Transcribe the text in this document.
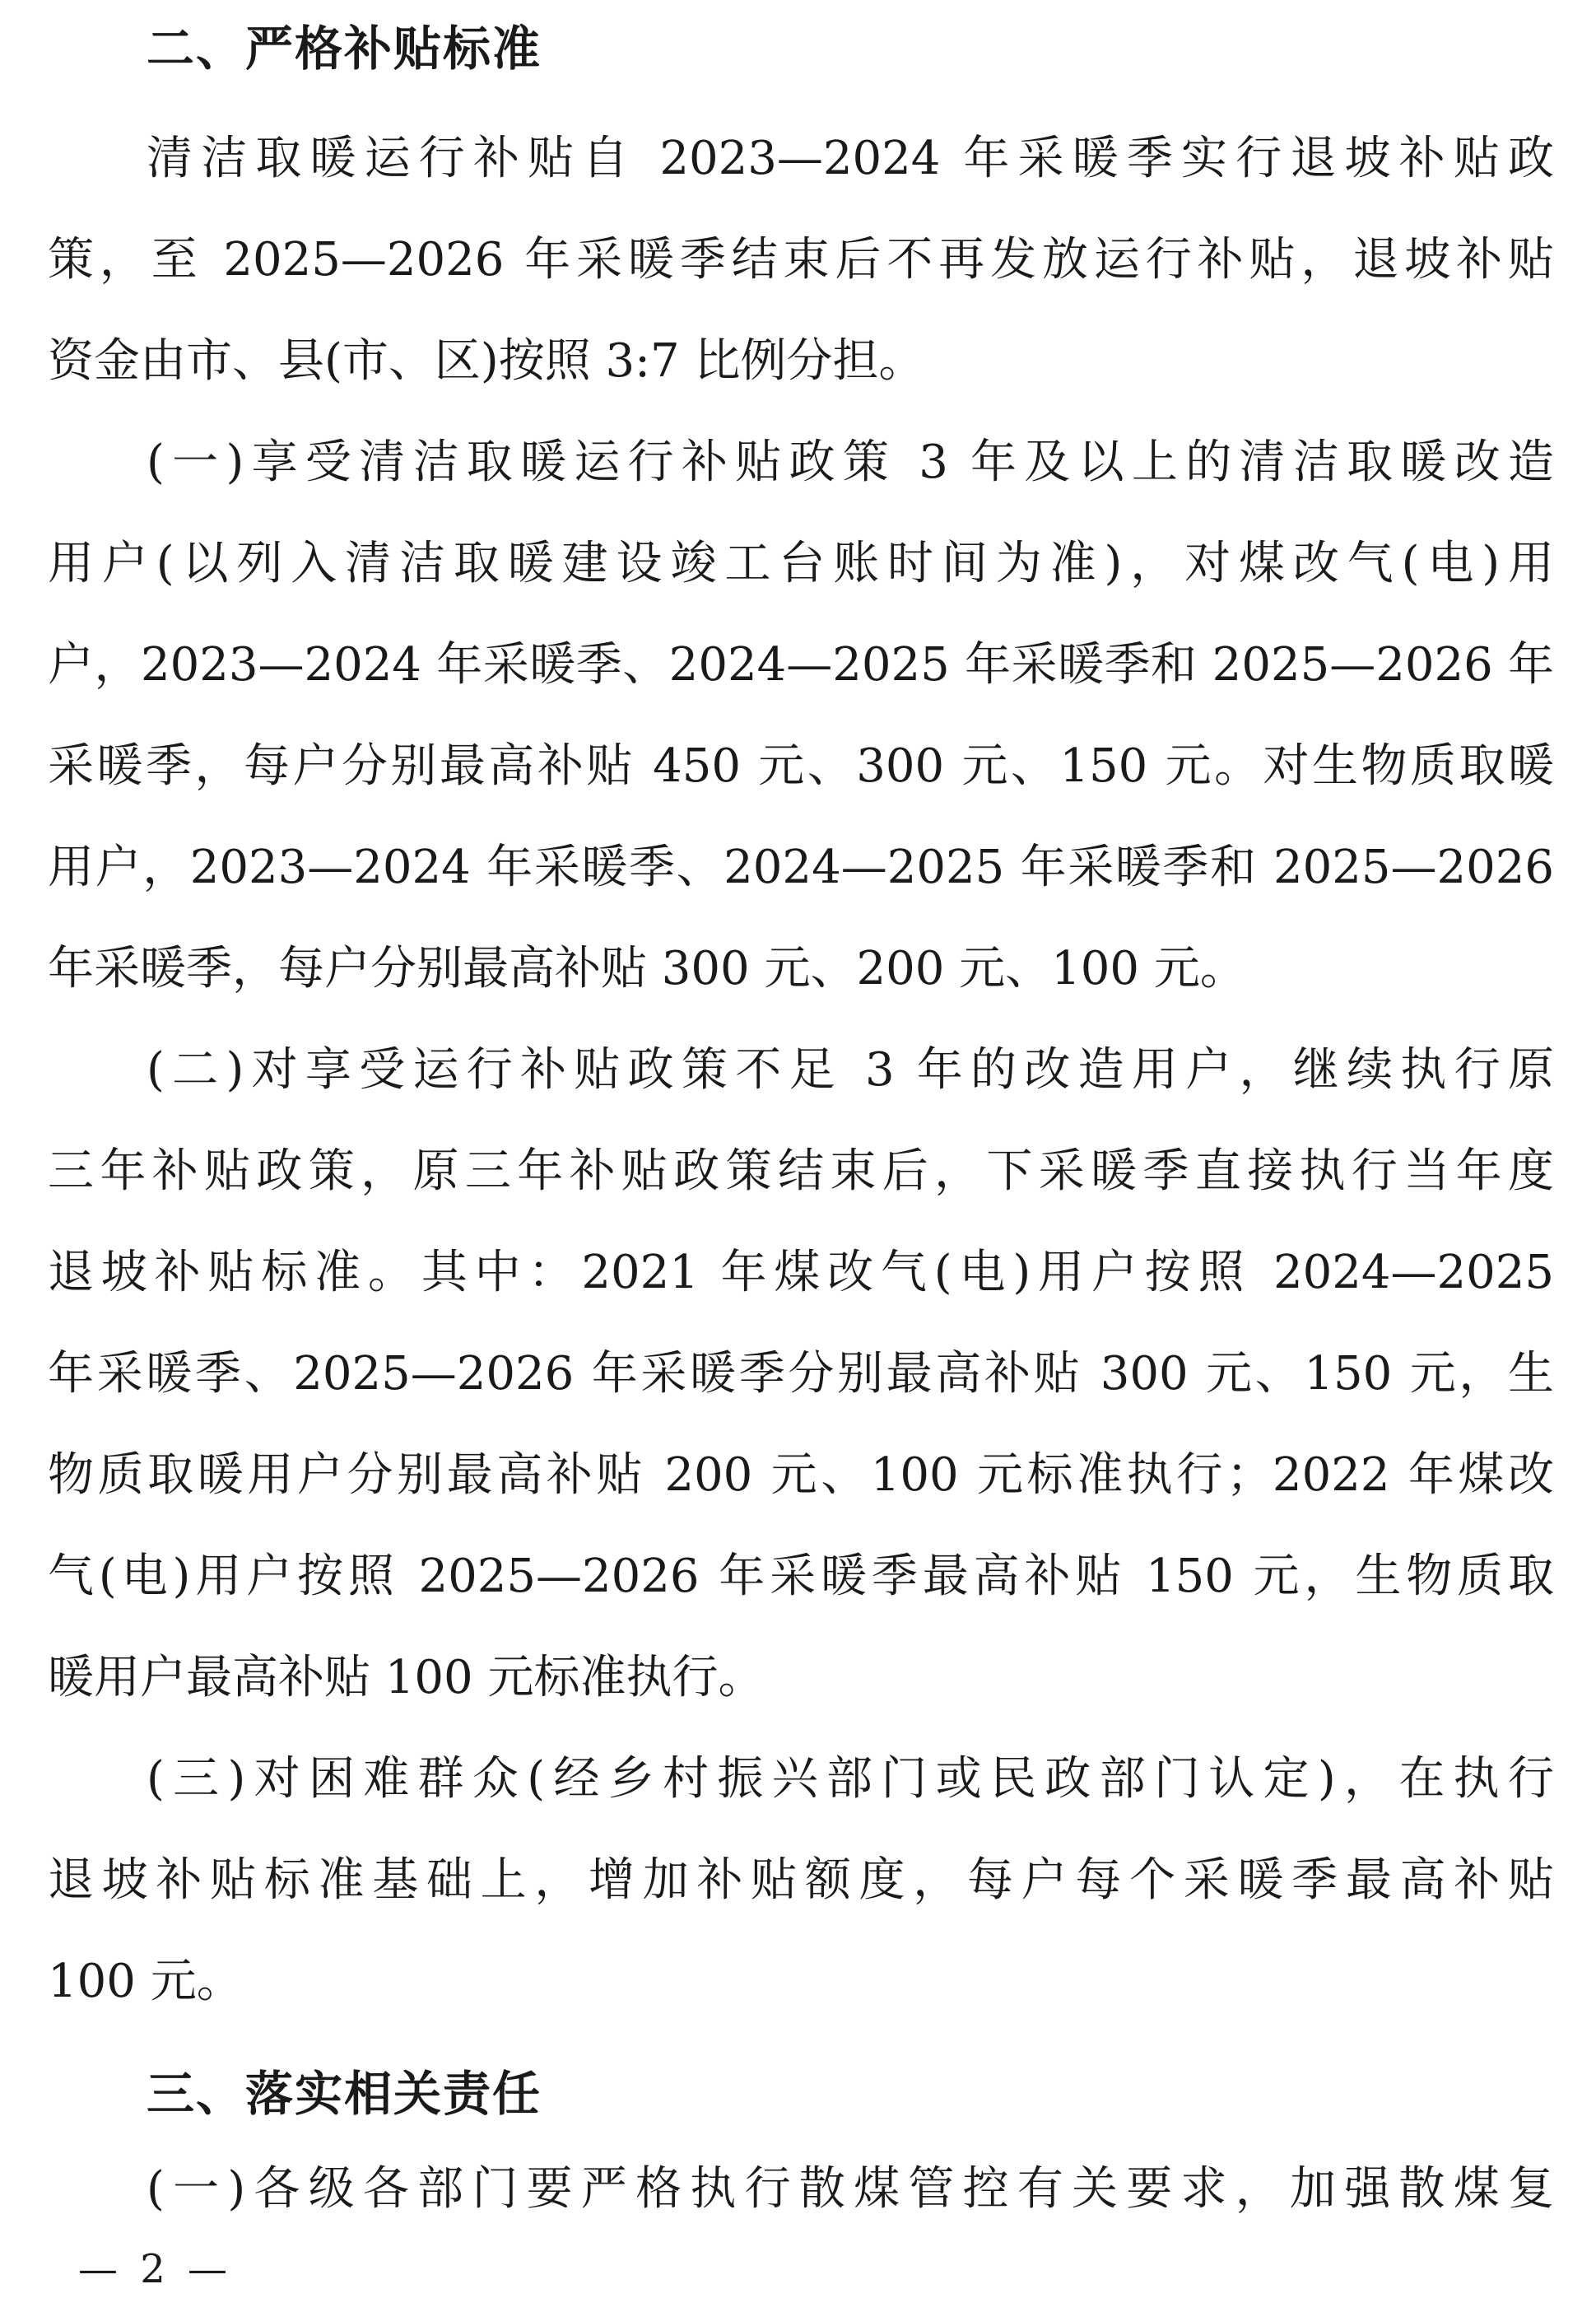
二、严格补贴标准
清洁取暖运行补贴自 2023—2024 年采暖季实行退坡补贴政
策，至 2025—2026 年采暖季结束后不再发放运行补贴，退坡补贴
资金由市、县(市、区)按照 3:7 比例分担。
(一)享受清洁取暖运行补贴政策 3 年及以上的清洁取暖改造
用户(以列入清洁取暖建设竣工台账时间为准)，对煤改气(电)用
户，2023—2024 年采暖季、2024—2025 年采暖季和 2025—2026 年
采暖季，每户分别最高补贴 450 元、300 元、150 元。对生物质取暖
用户，2023—2024 年采暖季、2024—2025 年采暖季和 2025—2026
年采暖季，每户分别最高补贴 300 元、200 元、100 元。
(二)对享受运行补贴政策不足 3 年的改造用户，继续执行原
三年补贴政策，原三年补贴政策结束后，下采暖季直接执行当年度
退坡补贴标准。其中：2021 年煤改气(电)用户按照 2024—2025
年采暖季、2025—2026 年采暖季分别最高补贴 300 元、150 元，生
物质取暖用户分别最高补贴 200 元、100 元标准执行；2022 年煤改
气(电)用户按照 2025—2026 年采暖季最高补贴 150 元，生物质取
暖用户最高补贴 100 元标准执行。
(三)对困难群众(经乡村振兴部门或民政部门认定)，在执行
退坡补贴标准基础上，增加补贴额度，每户每个采暖季最高补贴
100 元。
三、落实相关责任
(一)各级各部门要严格执行散煤管控有关要求，加强散煤复
— 2 —
